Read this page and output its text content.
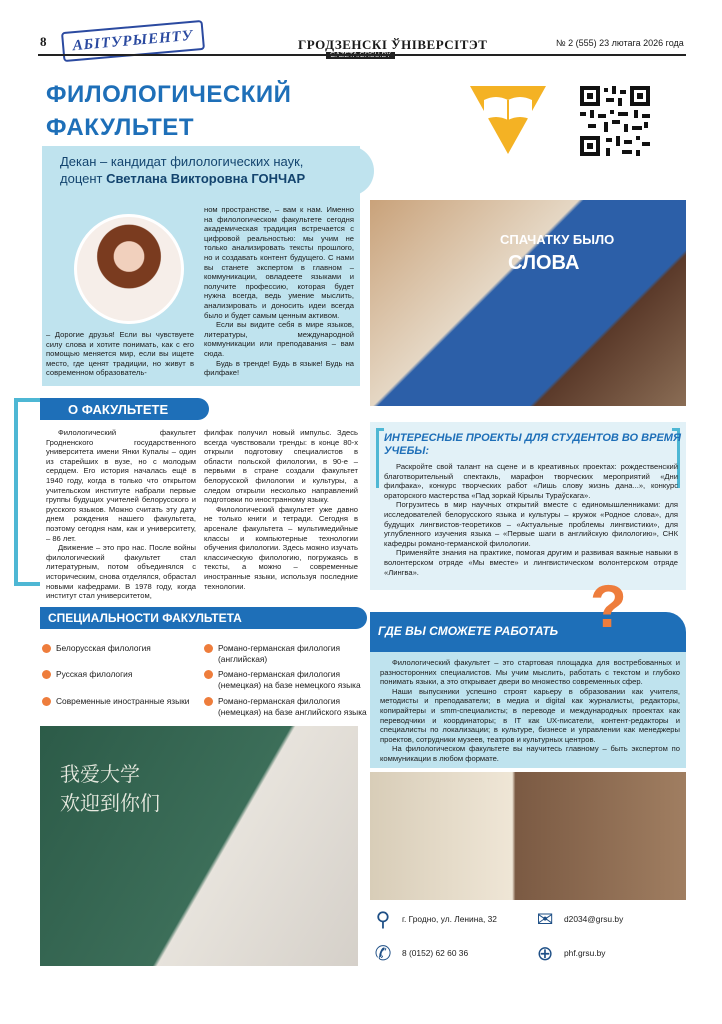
8	АБІТУРЫЕНТУ	ГРОДЗЕНСКІ ЎНІВЕРСІТЭТ	№ 2 (555) 23 лютага 2026 года
ФИЛОЛОГИЧЕСКИЙ
ФАКУЛЬТЕТ
Декан – кандидат филологических наук,
доцент Светлана Викторовна ГОНЧАР
– Дорогие друзья! Если вы чувствуете силу слова и хотите понимать, как с его помощью меняется мир, если вы ищете место, где ценят традиции, но живут в современном образователь-

ном пространстве, – вам к нам. Именно на филологическом факультете сегодня академическая традиция встречается с цифровой реальностью: мы учим не только анализировать тексты прошлого, но и создавать контент будущего. С нами вы станете экспертом в главном – коммуникации, овладеете языками и получите профессию, которая будет нужна всегда, ведь умение мыслить, анализировать и доносить идеи всегда было и будет самым ценным активом.

Если вы видите себя в мире языков, литературы, международной коммуникации или преподавания – вам сюда.

Будь в тренде! Будь в языке! Будь на филфаке!

СПАЧАТКУ БЫЛО
СЛОВА
О ФАКУЛЬТЕТЕ

Филологический факультет Гродненского государственного университета имени Янки Купалы – один из старейших в вузе, но с молодым сердцем. Его история началась ещё в 1940 году, когда в только что открытом учительском институте набрали первые группы будущих учителей белорусского и русского языков. Можно считать эту дату днем рождения нашего факультета, поэтому сегодня нам, как и университету, – 86 лет.

Движение – это про нас. После войны филологический факультет стал литературным, потом объединялся с историческим, снова отделялся, обрастал новыми кафедрами. В 1978 году, когда институт стал университетом,

филфак получил новый импульс. Здесь всегда чувствовали тренды: в конце 80-х открыли подготовку специалистов в области польской филологии, в 90-е – первыми в стране создали факультет белорусской филологии и культуры, а следом открыли несколько направлений подготовки по иностранному языку.

Филологический факультет уже давно не только книги и тетради. Сегодня в арсенале факультета – мультимедийные классы и компьютерные технологии обучения филологии. Здесь можно изучать классическую филологию, погружаясь в тексты, а можно – современные иностранные языки, используя последние технологии.

ИНТЕРЕСНЫЕ ПРОЕКТЫ ДЛЯ СТУДЕНТОВ ВО ВРЕМЯ УЧЕБЫ:

Раскройте свой талант на сцене и в креативных проектах: рождественский благотворительный спектакль, марафон творческих мероприятий «Дни филфака», конкурс творческих работ «Лишь слову жизнь дана...», конкурс ораторского мастерства «Пад зоркай Кірылы Тураўскага».

Погрузитесь в мир научных открытий вместе с единомышленниками: для исследователей белорусского языка и культуры – кружок «Родное слова», для будущих лингвистов-теоретиков – «Актуальные проблемы лингвистики», для углубленного изучения языка – «Первые шаги в английскую филологию», СНК кафедры романо-германской филологии.

Применяйте знания на практике, помогая другим и развивая важные навыки в волонтерском отряде «Мы вместе» и лингвистическом волонтерском отряде «Лингва».

СПЕЦИАЛЬНОСТИ ФАКУЛЬТЕТА
Белорусская филология
Русская филология
Современные иностранные языки
Романо-германская филология (английская)
Романо-германская филология (немецкая) на базе немецкого языка
Романо-германская филология (немецкая) на базе английского языка
ГДЕ ВЫ СМОЖЕТЕ РАБОТАТЬ ?

Филологический факультет – это стартовая площадка для востребованных и разносторонних специалистов. Мы учим мыслить, работать с текстом и глубоко понимать языки, а это открывает двери во множество современных сфер.

Наши выпускники успешно строят карьеру в образовании как учителя, методисты и преподаватели; в медиа и digital как журналисты, редакторы, копирайтеры и smm-специалисты; в переводе и международных проектах как переводчики и координаторы; в IT как UX-писатели, контент-редакторы и специалисты по локализации; в культуре, бизнесе и управлении как менеджеры проектов, сотрудники музеев, театров и культурных центров.

На филологическом факультете вы научитесь главному – быть экспертом по коммуникации в любом формате.

我爱大学
欢迎到你们
⚲	г. Гродно, ул. Ленина, 32 ✉	d2034@grsu.by
✆	8 (0152) 62 60 36	⊕	phf.grsu.by
